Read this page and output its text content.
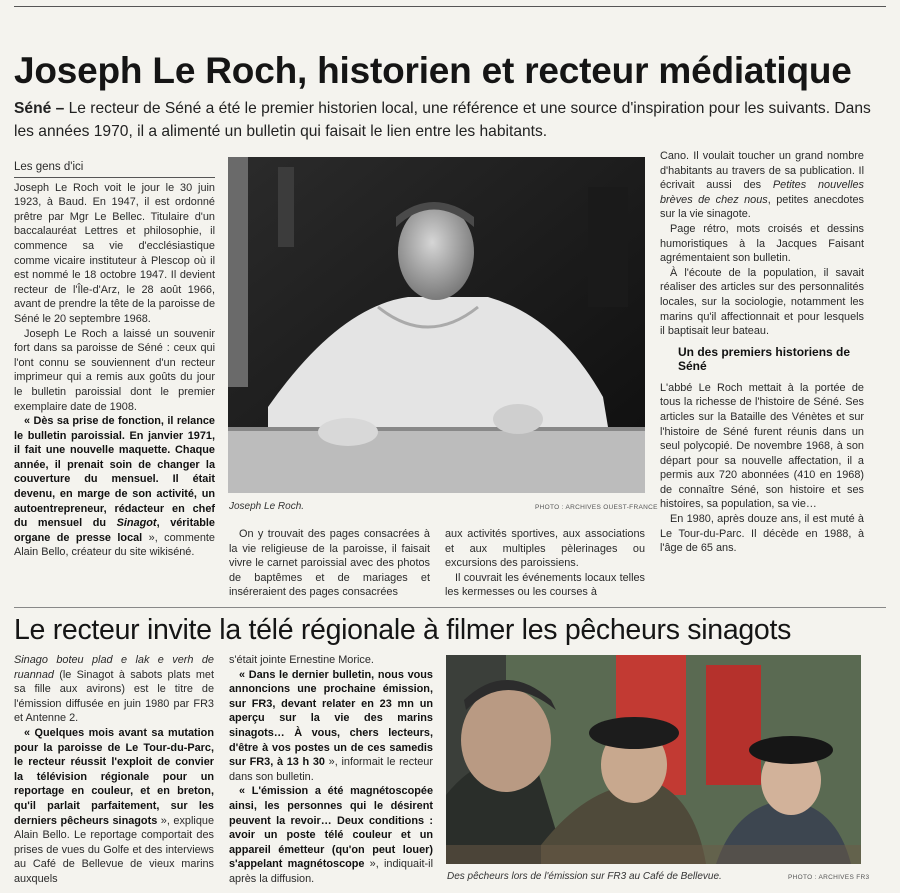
Joseph Le Roch, historien et recteur médiatique
Séné – Le recteur de Séné a été le premier historien local, une référence et une source d'inspiration pour les suivants. Dans les années 1970, il a alimenté un bulletin qui faisait le lien entre les habitants.
Les gens d'ici

Joseph Le Roch voit le jour le 30 juin 1923, à Baud. En 1947, il est ordonné prêtre par Mgr Le Bellec. Titulaire d'un baccalauréat Lettres et philosophie, il commence sa vie d'ecclésiastique comme vicaire instituteur à Plescop où il est nommé le 18 octobre 1947. Il devient recteur de l'Île-d'Arz, le 28 août 1966, avant de prendre la tête de la paroisse de Séné le 20 septembre 1968.

Joseph Le Roch a laissé un souvenir fort dans sa paroisse de Séné : ceux qui l'ont connu se souviennent d'un recteur imprimeur qui a remis aux goûts du jour le bulletin paroissial dont le premier exemplaire date de 1908.

« Dès sa prise de fonction, il relance le bulletin paroissial. En janvier 1971, il fait une nouvelle maquette. Chaque année, il prenait soin de changer la couverture du mensuel. Il était devenu, en marge de son activité, un autoentrepreneur, rédacteur en chef du mensuel du Sinagot, véritable organe de presse local », commente Alain Bello, créateur du site wikiséné.

Joseph Le Roch.	PHOTO : ARCHIVES OUEST-FRANCE

On y trouvait des pages consacrées à la vie religieuse de la paroisse, il faisait vivre le carnet paroissial avec des photos de baptêmes et de mariages et inséreraient des pages consacrées

aux activités sportives, aux associations et aux multiples pèlerinages ou excursions des paroissiens.

Il couvrait les événements locaux telles les kermesses ou les courses à

Cano. Il voulait toucher un grand nombre d'habitants au travers de sa publication. Il écrivait aussi des Petites nouvelles brèves de chez nous, petites anecdotes sur la vie sinagote.

Page rétro, mots croisés et dessins humoristiques à la Jacques Faisant agrémentaient son bulletin.

À l'écoute de la population, il savait réaliser des articles sur des personnalités locales, sur la sociologie, notamment les marins qu'il affectionnait et pour lesquels il baptisait leur bateau.

Un des premiers historiens de Séné

L'abbé Le Roch mettait à la portée de tous la richesse de l'histoire de Séné. Ses articles sur la Bataille des Vénètes et sur l'histoire de Séné furent réunis dans un seul polycopié. De novembre 1968, à son départ pour sa nouvelle affectation, il a permis aux 720 abonnées (410 en 1968) de connaître Séné, son histoire et ses histoires, sa population, sa vie…

En 1980, après douze ans, il est muté à Le Tour-du-Parc. Il décède en 1988, à l'âge de 65 ans.

Le recteur invite la télé régionale à filmer les pêcheurs sinagots

Sinago boteu plad e lak e verh de ruannad (le Sinagot à sabots plats met sa fille aux avirons) est le titre de l'émission diffusée en juin 1980 par FR3 et Antenne 2.

« Quelques mois avant sa mutation pour la paroisse de Le Tour-du-Parc, le recteur réussit l'exploit de convier la télévision régionale pour un reportage en couleur, et en breton, qu'il parlait parfaitement, sur les derniers pêcheurs sinagots », explique Alain Bello. Le reportage comportait des prises de vues du Golfe et des interviews au Café de Bellevue de vieux marins auxquels

s'était jointe Ernestine Morice.

« Dans le dernier bulletin, nous vous annoncions une prochaine émission, sur FR3, devant relater en 23 mn un aperçu sur la vie des marins sinagots… À vous, chers lecteurs, d'être à vos postes un de ces samedis sur FR3, à 13 h 30 », informait le recteur dans son bulletin.

« L'émission a été magnétoscopée ainsi, les personnes qui le désirent peuvent la revoir… Deux conditions : avoir un poste télé couleur et un appareil émetteur (qu'on peut louer) s'appelant magnétoscope », indiquait-il après la diffusion.	Des pêcheurs lors de l'émission sur FR3 au Café de Bellevue.	PHOTO : ARCHIVES FR3
